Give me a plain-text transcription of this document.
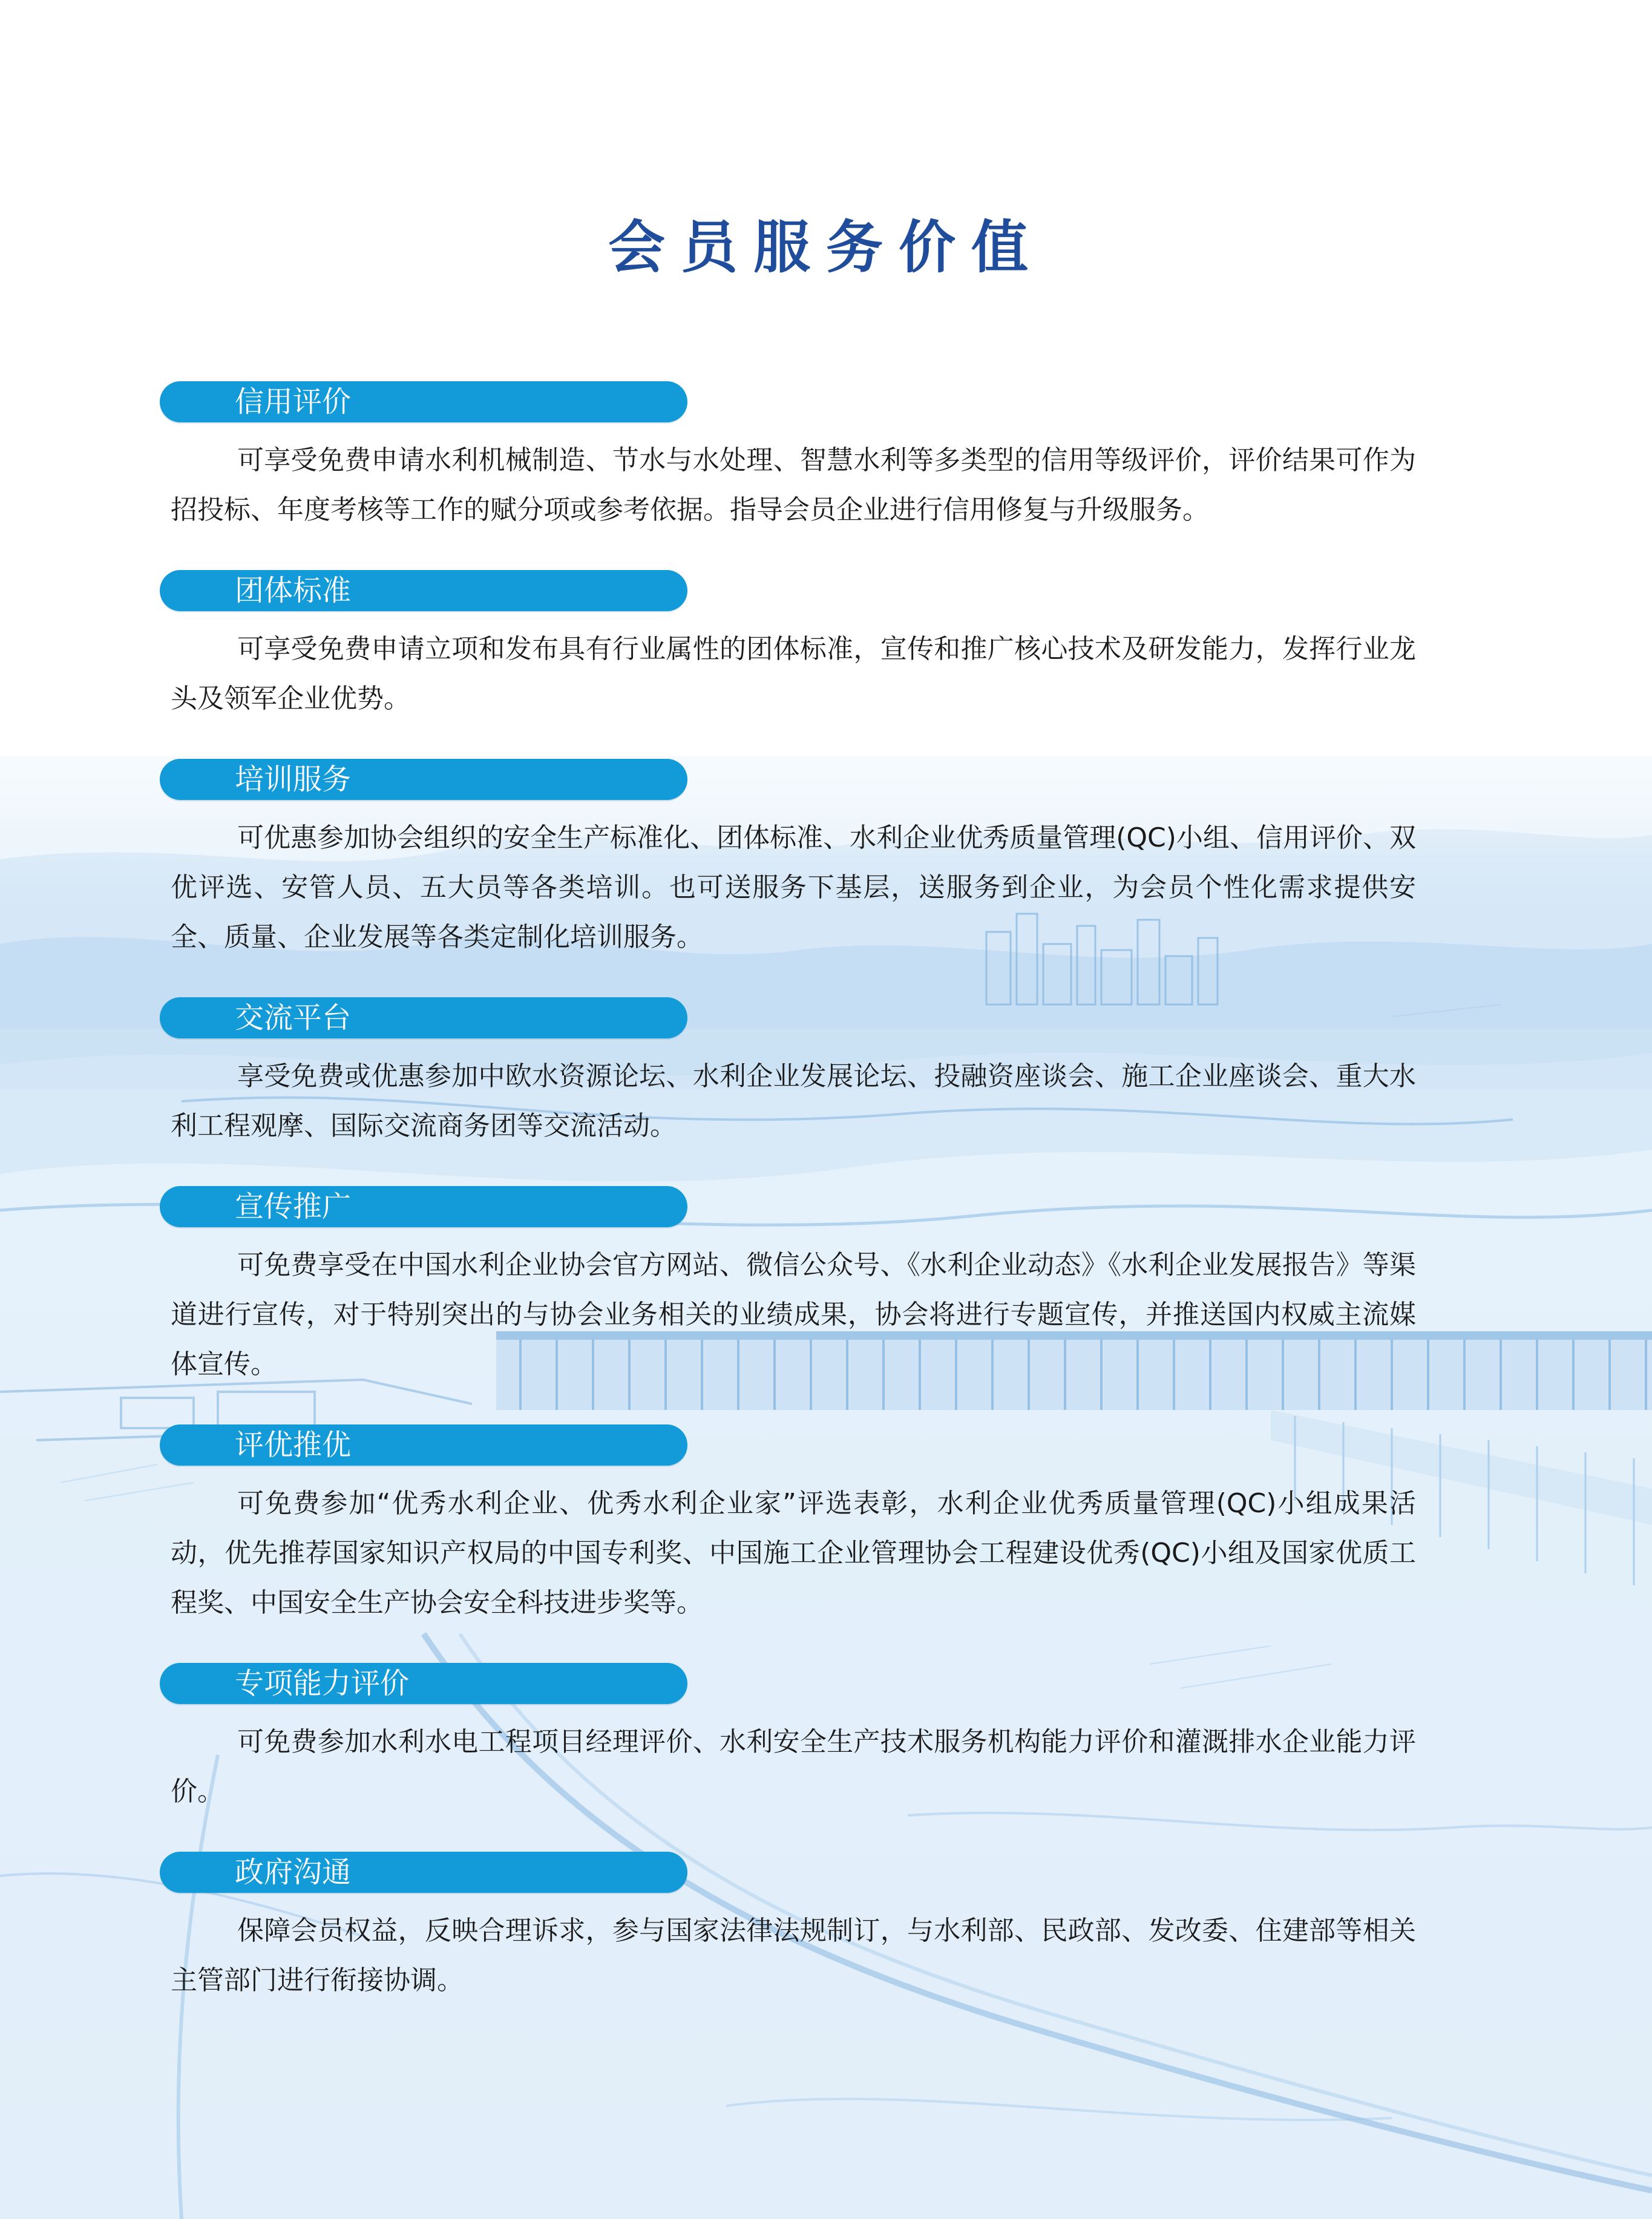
会员服务价值
信用评价
可享受免费申请水利机械制造、节水与水处理、智慧水利等多类型的信用等级评价，评价结果可作为招投标、年度考核等工作的赋分项或参考依据。指导会员企业进行信用修复与升级服务。
团体标准
可享受免费申请立项和发布具有行业属性的团体标准，宣传和推广核心技术及研发能力，发挥行业龙头及领军企业优势。
培训服务
可优惠参加协会组织的安全生产标准化、团体标准、水利企业优秀质量管理(QC)小组、信用评价、双优评选、安管人员、五大员等各类培训。也可送服务下基层，送服务到企业，为会员个性化需求提供安全、质量、企业发展等各类定制化培训服务。
交流平台
享受免费或优惠参加中欧水资源论坛、水利企业发展论坛、投融资座谈会、施工企业座谈会、重大水利工程观摩、国际交流商务团等交流活动。
宣传推广
可免费享受在中国水利企业协会官方网站、微信公众号、《水利企业动态》《水利企业发展报告》等渠道进行宣传，对于特别突出的与协会业务相关的业绩成果，协会将进行专题宣传，并推送国内权威主流媒体宣传。
评优推优
可免费参加“优秀水利企业、优秀水利企业家”评选表彰，水利企业优秀质量管理(QC)小组成果活动，优先推荐国家知识产权局的中国专利奖、中国施工企业管理协会工程建设优秀(QC)小组及国家优质工程奖、中国安全生产协会安全科技进步奖等。
专项能力评价
可免费参加水利水电工程项目经理评价、水利安全生产技术服务机构能力评价和灌溉排水企业能力评价。
政府沟通
保障会员权益，反映合理诉求，参与国家法律法规制订，与水利部、民政部、发改委、住建部等相关主管部门进行衔接协调。
